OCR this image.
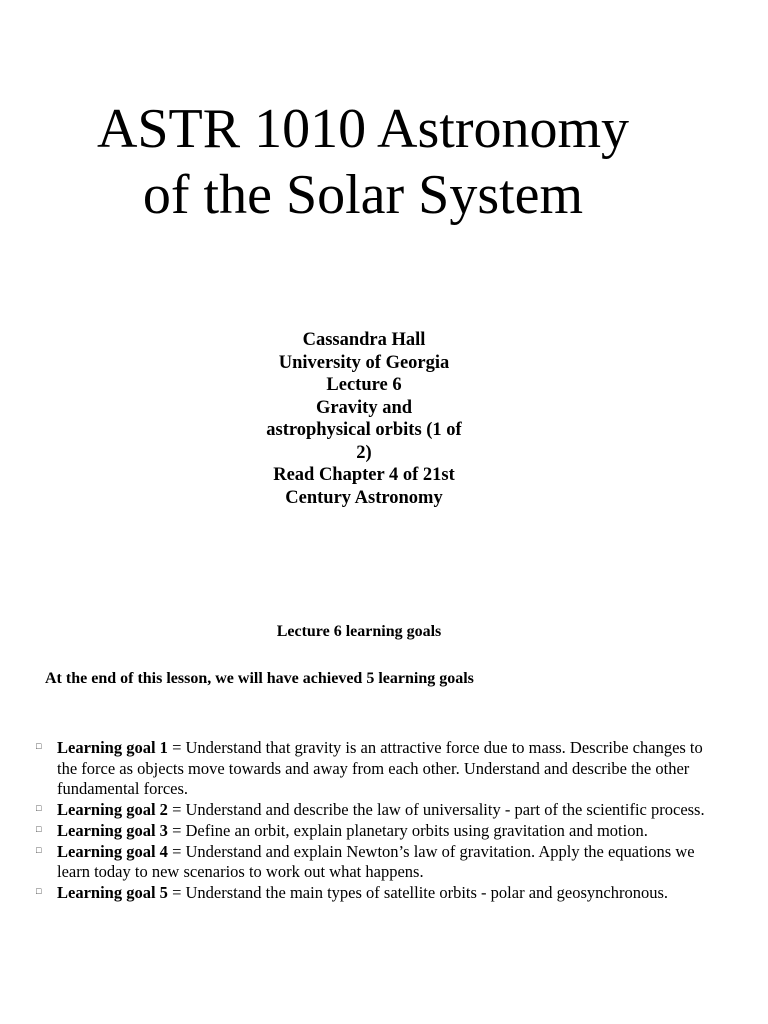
ASTR 1010 Astronomy
of the Solar System
Cassandra Hall
University of Georgia
Lecture 6
Gravity and
astrophysical orbits (1 of
2)
Read Chapter 4 of 21st
Century Astronomy
Lecture 6 learning goals
At the end of this lesson, we will have achieved 5 learning goals
□ Learning goal 1 = Understand that gravity is an attractive force due to mass. Describe changes to the force as objects move towards and away from each other. Understand and describe the other fundamental forces.
□ Learning goal 2 = Understand and describe the law of universality - part of the scientific process.
□ Learning goal 3 = Define an orbit, explain planetary orbits using gravitation and motion.
□ Learning goal 4 = Understand and explain Newton’s law of gravitation. Apply the equations we learn today to new scenarios to work out what happens.
□ Learning goal 5 = Understand the main types of satellite orbits - polar and geosynchronous.
